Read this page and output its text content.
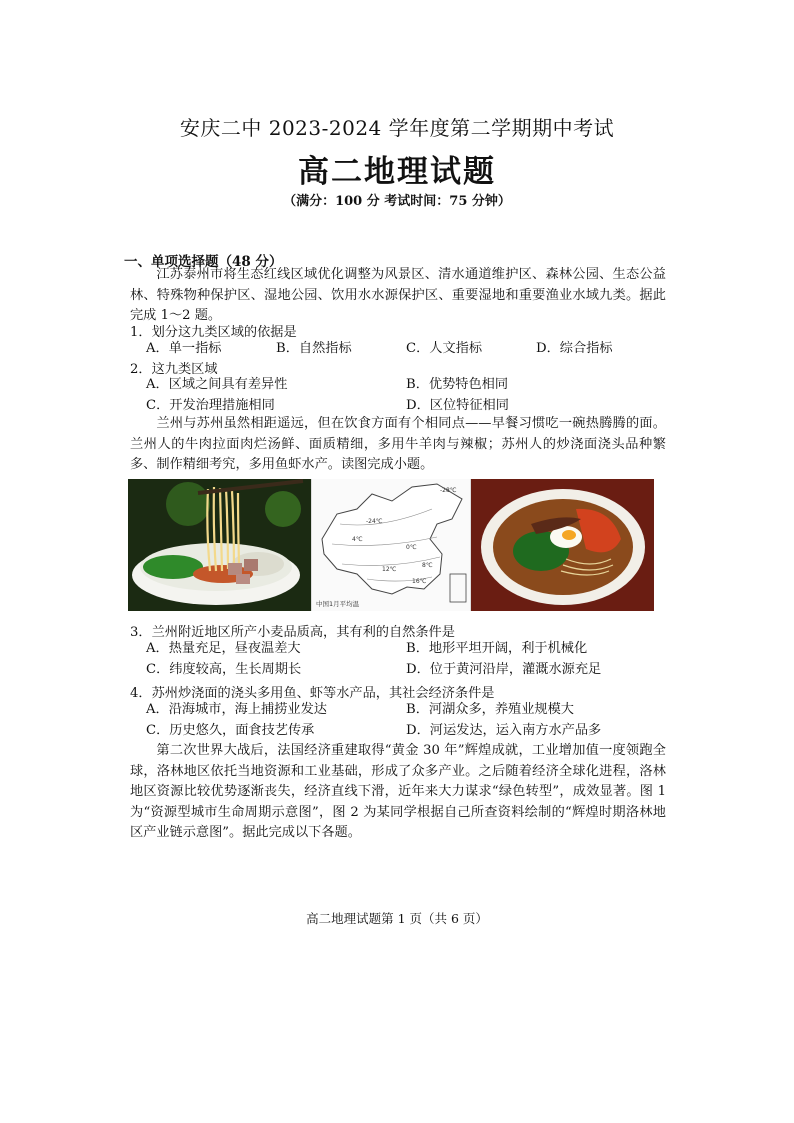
安庆二中 2023-2024 学年度第二学期期中考试
高二地理试题
（满分：100 分 考试时间：75 分钟）
一、单项选择题（48 分）

江苏泰州市将生态红线区域优化调整为风景区、清水通道维护区、森林公园、生态公益林、特殊物种保护区、湿地公园、饮用水水源保护区、重要湿地和重要渔业水域九类。据此完成 1～2 题。

1．划分这九类区域的依据是
A．单一指标	B．自然指标	C．人文指标	D．综合指标
2．这九类区域
A．区域之间具有差异性	B．优势特色相同
C．开发治理措施相同	D．区位特征相同

兰州与苏州虽然相距遥远，但在饮食方面有个相同点——早餐习惯吃一碗热腾腾的面。兰州人的牛肉拉面肉烂汤鲜、面质精细，多用牛羊肉与辣椒；苏州人的炒浇面浇头品种繁多、制作精细考究，多用鱼虾水产。读图完成小题。

-28℃
-24℃
0℃
8℃
16℃
4℃
12℃
中国1月平均温
3．兰州附近地区所产小麦品质高，其有利的自然条件是
A．热量充足，昼夜温差大	B．地形平坦开阔，利于机械化
C．纬度较高，生长周期长	D．位于黄河沿岸，灌溉水源充足
4．苏州炒浇面的浇头多用鱼、虾等水产品，其社会经济条件是
A．沿海城市，海上捕捞业发达	B．河湖众多，养殖业规模大
C．历史悠久，面食技艺传承	D．河运发达，运入南方水产品多

第二次世界大战后，法国经济重建取得“黄金 30 年”辉煌成就，工业增加值一度领跑全球，洛林地区依托当地资源和工业基础，形成了众多产业。之后随着经济全球化进程，洛林地区资源比较优势逐渐丧失，经济直线下滑，近年来大力谋求“绿色转型”，成效显著。图 1 为“资源型城市生命周期示意图”，图 2 为某同学根据自己所查资料绘制的“辉煌时期洛林地区产业链示意图”。据此完成以下各题。

高二地理试题第 1 页（共 6 页）
